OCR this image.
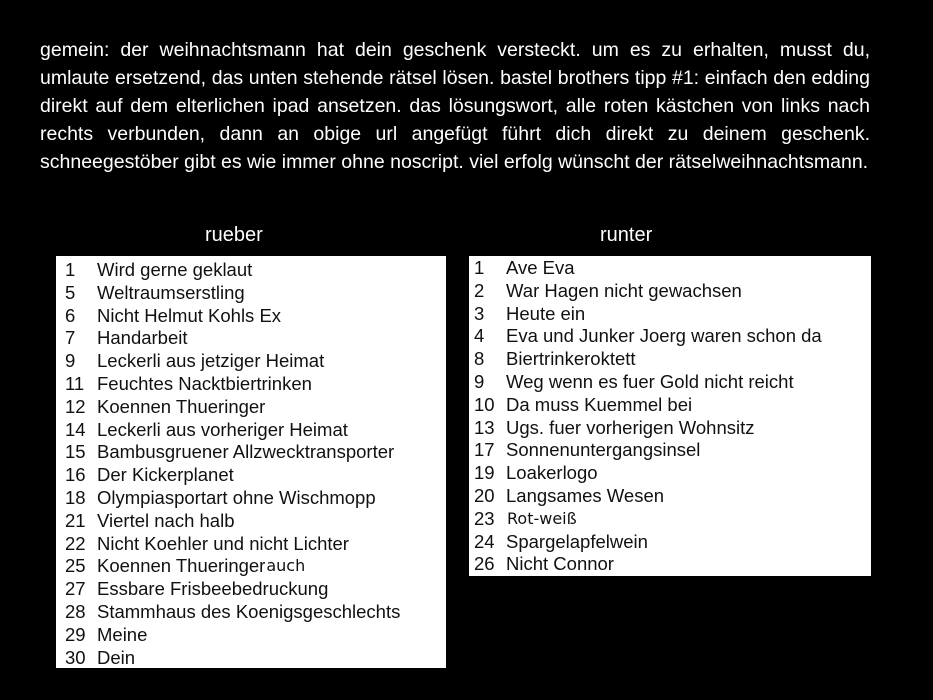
gemein: der weihnachtsmann hat dein geschenk versteckt. um es zu erhalten, musst du, umlaute ersetzend, das unten stehende rätsel lösen. bastel brothers tipp #1: einfach den edding direkt auf dem elterlichen ipad ansetzen. das lösungswort, alle roten kästchen von links nach rechts verbunden, dann an obige url angefügt führt dich direkt zu deinem geschenk. schneegestöber gibt es wie immer ohne noscript. viel erfolg wünscht der rätselweihnachtsmann.

rueber	runter
1	Wird gerne geklaut
5	Weltraumserstling
6	Nicht Helmut Kohls Ex
7	Handarbeit
9	Leckerli aus jetziger Heimat
11 Feuchtes Nacktbiertrinken
12 Koennen Thueringer
14 Leckerli aus vorheriger Heimat
15 Bambusgruener Allzwecktransporter
16 Der Kickerplanet
18 Olympiasportart ohne Wischmopp
21 Viertel nach halb
22 Nicht Koehler und nicht Lichter
25 Koennen Thueringer auch
27 Essbare Frisbeebedruckung
28 Stammhaus des Koenigsgeschlechts
29 Meine
30 Dein
1	Ave Eva
2	War Hagen nicht gewachsen
3	Heute ein
4	Eva und Junker Joerg waren schon da
8	Biertrinkeroktett
9	Weg wenn es fuer Gold nicht reicht
10 Da muss Kuemmel bei
13 Ugs. fuer vorherigen Wohnsitz
17 Sonnenuntergangsinsel
19 Loakerlogo
20 Langsames Wesen
23 Rot-weiß
24 Spargelapfelwein
26 Nicht Connor
